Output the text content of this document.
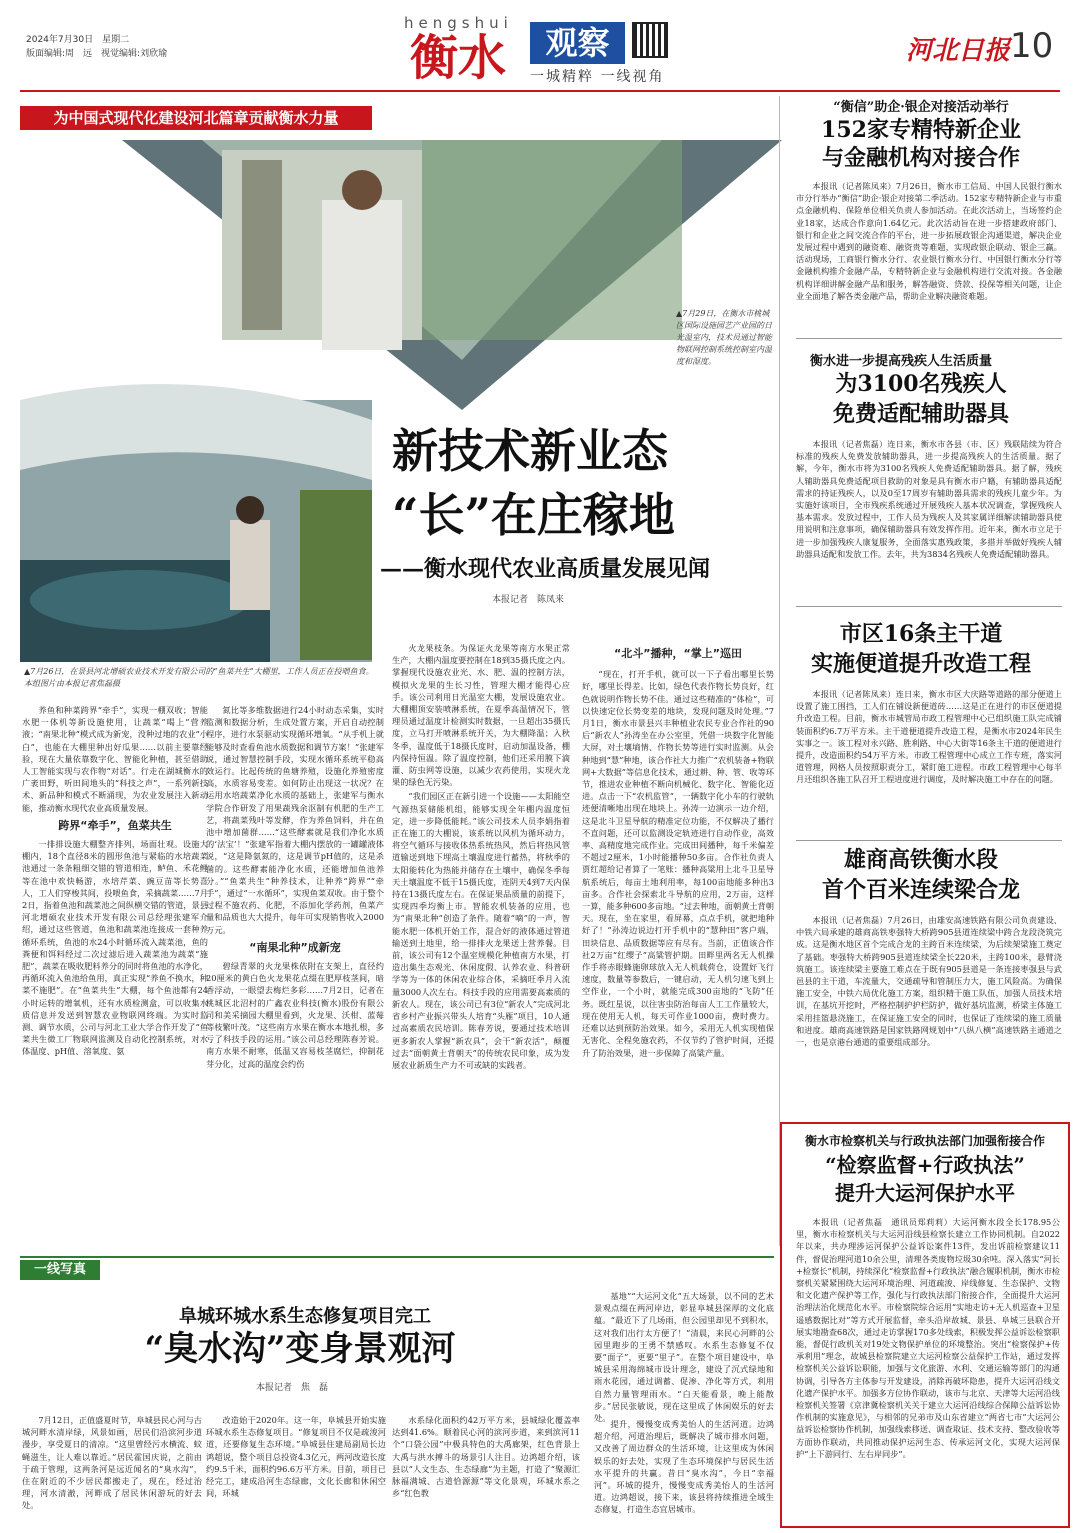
2024年7月30日　星期二
版面编辑:周　远　视觉编辑:刘欣瑜
hengshui
衡水	观察
一城精粹 一线视角
河北日报 10
为中国式现代化建设河北篇章贡献衡水力量
▲7月29日，在衡水市桃城区国际设施园艺产业园的日光温室内，技术员通过智能物联网控制系统控制室内温度和湿度。
▲7月26日，在景县河北增硕农业技术开发有限公司的“鱼菜共生”大棚里，工作人员正在投喂鱼食。　本组图片由本报记者焦磊摄
新技术新业态
“长”在庄稼地
——衡水现代农业高质量发展见闻
本报记者　陈凤来

养鱼和种菜跨界“牵手”，实现一棚双收；智能水肥一体机等新设施使用，让蔬菜“喝上”营养液；“南果北种”模式成为新宠，没种过地的农业“小白”，也能在大棚里种出好瓜果……以前主要靠经验，现在大量依靠数字化、智能化种植，甚至借助人工智能实现与农作物“对话”。行走在湖城衡水的广袤田野，听田间地头的“科技之声”，一系列新技术、新品种和模式不断涌现，为农业发展注入新动能，推动衡水现代农业高质量发展。

跨界“牵手”，鱼菜共生

一排排设施大棚整齐排列，场面壮观。设施大棚内，18个直径8米的圆形鱼池与紧临的水培蔬菜池通过一条条粗细交错的管道相连，鲈鱼、禾花鲤等在池中欢快畅游，水培芹菜、豌豆苗等长势喜人，工人们穿梭其间，投喂鱼食，采摘蔬菜……7月2日，指着鱼池和蔬菜池之间纵横交错的管道，景县河北增硕农业技术开发有限公司总经理张建军介绍，通过这些管道，鱼池和蔬菜池连接成一套种养循环系统，鱼池的水24小时循环流入蔬菜池，鱼的粪便和饵料经过二次过滤后进入蔬菜池为蔬菜“施肥”，蔬菜在吸收肥料养分的同时将鱼池的水净化，再循环流入鱼池给鱼用，真正实现“养鱼不换水，种菜不施肥”。在“鱼菜共生”大棚，每个鱼池都有24小时运转的增氧机，还有水质检测盒，可以收集水质信息并发送到智慧农业物联网终端。为实时监测、调节水质，公司与河北工业大学合作开发了“鱼菜共生微工厂物联网监测及自动化控制系统，对水体温度、pH值、溶氧度、氨

氮比等多维数据进行24小时动态采集，实时监测和数据分析，生成处置方案，开启自动控制程序，进行水泵驱动实现循环增氧。“从手机上就能够及时查看鱼池水质数据和调节方案！”张建军说，通过智慧控制手段，实现水循环系统平稳高效运行。比起传统的鱼塘养殖，设施化养殖密度高，水质容易变差。如何防止出现这一状况？在运用水培蔬菜净化水质的基础上，张建军与衡水学院合作研发了用果蔬残余沤制有机肥的生产工艺，将蔬菜残叶等发酵，作为养鱼饲料，并在鱼池中增加菌群……“这些酵素就是我们净化水质的‘法宝’！”张建军指着大棚内摆放的一罐罐液体说，“这是降氨氮的，这是调节pH值的，这是杀菌的。这些酵素能净化水质，还能增加鱼池养分。”“鱼菜共生”种养技术，让种养“跨界”“牵手”，通过“一水循环”，实现鱼菜双收。由于整个过程不施农药、化肥，不添加化学药剂，鱼菜产量和品质也大大提升，每年可实现销售收入2000万元。

“南果北种”成新宠

碧绿青翠的火龙果株依附在支架上，直径约20厘米的黄白色火龙果花点缀在肥厚枝茎间，暗香浮动，一眼望去梅烂多彩……7月2日，记者在桃城区北沼村的广鑫农业科技(衡水)股份有限公司和美采摘园大棚里看到，火龙果、沃柑、蓝莓等枝繁叶茂。“这些南方水果在衡水本地扎根，多亏了科技手段的运用。”该公司总经理陈春芳说。南方水果不耐寒，低温又容易枝茎腐烂，抑制花芽分化，过高的温度会约伤

火龙果枝条。为保证火龙果等南方水果正常生产，大棚内温度要控制在18到35摄氏度之内。掌握现代设施农业光、水、肥、温的控制方法，模拟火龙果的生长习性，管理大棚才能得心应手。该公司利用日光温室大棚，发展设施农业。大棚棚顶安装喷淋系统，在夏季高温情况下，管理员通过温度计检测实时数据，一旦超出35摄氏度，立马打开喷淋系统开关，为大棚降温；入秋冬季，温度低于18摄氏度时，启动加温设备，棚内保持恒温。除了温度控制，他们还采用膜下滴灌、防虫网等设施，以减少农药使用，实现火龙果的绿色无污染。

“我们园区正在新引进一个设施——太阳能空气源热泵储能机组，能够实现全年棚内温度恒定，进一步降低能耗。”该公司技术人员李娟指着正在施工的大棚说，该系统以风机为循环动力，将空气循环与接收体热系统热风，然后将热风管道输送到地下埋高土壤温度进行蓄热，将秋季的太阳能转化为热能并储存在土壤中，确保冬季每天土壤温度不低于15摄氏度，连阴天4到7天内保持在13摄氏度左右。在保证果品质量的前提下，实现四季均衡上市。智能农机装备的应用，也为“南果北种”创造了条件。随着“嘀”的一声，智能水肥一体机开始工作，混合好的液体通过管道输送到土地里，给一排排火龙果送上营养餐。目前，该公司有12个温室规模化种植南方水果，打造出集生态观光、休闲度假、认养农业、科普研学等为一体的休闲农业综合体，采摘旺季月入流量3000人次左右。科技手段的应用需要高素质的新农人。现在，该公司已有3位“新农人”完成河北省乡村产业振兴带头人培育“头雁”项目，10人通过高素质农民培训。陈春芳说，要通过技术培训更多新农人掌握“新农具”，会干“新农活”，颠覆过去“面朝黄土背朝天”的传统农民印象，成为发展农业新质生产力不可或缺的实践者。

“北斗”播种，“掌上”巡田

“现在，打开手机，就可以一下子看出哪里长势好，哪里长得差。比如，绿色代表作物长势良好，红色就说明作物长势不佳。通过这些精准的“体检”，可以快速定位长势变差的地块，发现问题及时处理。”7月1日，衡水市景县兴丰种植业农民专业合作社的90后“新农人”孙涛坐在办公室里，凭借一块数字化智能大屏，对土壤墒情、作物长势等进行实时监测。从会种地到“慧”种地，该合作社大力推广“农机装备+物联网+大数据”等信息化技术，通过耕、种、管、收等环节，推进农业种植不断向机械化、数字化、智能化迈进。点击一下“农机监管”，一辆数字化小车的行驶轨迹便清晰地出现在地块上。孙涛一边演示一边介绍，这是北斗卫星导航的精准定位功能，不仅解决了播行不直问题，还可以监测设定轨迹进行自动作业，高效率、高精度地完成作业。完成田间播种，每千米偏差不超过2厘米，1小时能播种50多亩。合作社负责人贾红超给记者算了一笔账：播种高粱用上北斗卫星导航系统后，每亩土地利用率，每100亩地能多种出3亩多。合作社会探索北斗导航的应用，2万亩，这样一算，能多种600多亩地。“过去种地，面朝黄土背朝天。现在，坐在家里，看屏幕，点点手机，就把地种好了！”孙涛边说边打开手机中的“慧种田”客户端，田块信息、品质数据等应有尽有。当前，正值该合作社2万亩“红缨子”高粱管护期。田畔里两名无人机操作手将赤眼蜂施卵球放入无人机载荷仓，设置好飞行速度，数量等参数后，一键启动，无人机匀速飞到上空作业，一个小时，就能完成300亩地的“飞防”任务。既红星说，以往害虫防治每亩人工工作量较大，现在使用无人机，每天可作业1000亩，费时费力。还难以达到预防治效果。如今，采用无人机实现植保无害化、全程免施农药，不仅节约了管护时间，还提升了防治效果，进一步保障了高粱产量。

“衡信”助企·银企对接活动举行
152家专精特新企业
与金融机构对接合作

本报讯（记者陈凤来）7月26日，衡水市工信局、中国人民银行衡水市分行举办“衡信”助企·银企对接第二季活动。152家专精特新企业与市重点金融机构、保险单位相关负责人参加活动。在此次活动上，当场签约企业18家，达成合作意向1.64亿元。此次活动旨在进一步搭建政府部门、银行和企业之间交流合作的平台，进一步拓展政银企沟通渠道，解决企业发展过程中遇到的融资难、融资贵等难题，实现政银企联动、银企三赢。活动现场，工商银行衡水分行、农业银行衡水分行、中国银行衡水分行等金融机构推介金融产品，专精特新企业与金融机构进行交流对接。各金融机构详细讲解金融产品和服务，解答融资、贷款、投保等相关问题，让企业全面地了解各类金融产品，帮助企业解决融资难题。

衡水进一步提高残疾人生活质量
为3100名残疾人
免费适配辅助器具

本报讯（记者焦磊）连日来，衡水市各县（市、区）残联陆续为符合标准的残疾人免费发放辅助器具，进一步提高残疾人的生活质量。据了解，今年，衡水市将为3100名残疾人免费适配辅助器具。据了解，残疾人辅助器具免费适配项目救助的对象是具有衡水市户籍，有辅助器具适配需求的持证残疾人，以及0至17周岁有辅助器具需求的残疾儿童少年。为实施好该项目，全市残疾系统通过开展残疾人基本状况调查，掌握残疾人基本需求。发放过程中，工作人员为残疾人及其家属详细解读辅助器具使用说明和注意事项，确保辅助器具有效发挥作用。近年来，衡水市立足于进一步加强残疾人康复服务，全面落实惠残政策，多措并举做好残疾人辅助器具适配和发放工作。去年，共为3834名残疾人免费适配辅助器具。

市区16条主干道
实施便道提升改造工程

本报讯（记者陈凤来）连日来，衡水市区大庆路等道路的部分便道上设置了施工围挡，工人们在铺设新便道砖……这是正在进行的市区便道提升改造工程。目前，衡水市城管局市政工程管理中心已组织施工队完成铺装面积约6.7万平方米。主干道便道提升改造工程，是衡水市2024年民生实事之一。该工程对永兴路、胜利路、中心大街等16条主干道的便道进行提升，改造面积约54万平方米。市政工程管理中心成立工作专班，落实河道管理，网格人员按照职责分工，紧盯施工进程。市政工程管理中心每半月还组织各施工队召开工程进度进行调度，及时解决施工中存在的问题。

雄商高铁衡水段
首个百米连续梁合龙

本报讯（记者焦磊）7月26日，由雄安高速铁路有限公司负责建设、中铁六局承建的雄商高铁枣强特大桥跨905县道连续梁中跨合龙段浇筑完成。这是衡水地区首个完成合龙的主跨百米连续梁，为后续架梁施工奠定了基础。枣强特大桥跨905县道连续梁全长220米，主跨100米，悬臂浇筑施工。该连续梁主要施工难点在于既有905县道是一条连接枣强县与武邑县的主干道，车流量大，交通疏导和管制压力大，施工风险高。为确保施工安全，中铁六局优化施工方案，组织精干施工队伍，加强人员技术培训，在基坑开挖时，严格控制护护栏防护，做好基坑监测，桥梁主体施工采用挂篮悬浇施工，在保证施工安全的同时，也保证了连续梁的施工质量和进度。雄商高速铁路是国家铁路网规划中“八纵八横”高速铁路主通道之一，也是京港台通道的重要组成部分。

衡水市检察机关与行政执法部门加强衔接合作
“检察监督+行政执法”
提升大运河保护水平

本报讯（记者焦磊　通讯员郑莉莉）大运河衡水段全长178.95公里，衡水市检察机关与大运河沿线县检察长建立工作协同机制。自2022年以来，共办理涉运河保护公益诉讼案件13件，发出诉前检察建议11件，督促治理河道10余公里，清理各类废物垃圾30余吨。深入落实“河长+检察长”机制，持续深化“检察监督+行政执法”融合履职机制，衡水市检察机关紧紧围绕大运河环境治理、河道疏浚、岸线修复、生态保护、文物和文化遗产保护等工作，强化与行政执法部门衔接合作，全面提升大运河治理法治化规范化水平。市检察院综合运用“实地走访+无人机巡查+卫星遥感数据比对”等方式开展监督，牵头沿岸故城、景县、阜城三县联合开展实地勘查68次，通过走访掌握170多处线索，积极发挥公益诉讼检察职能，督促行政机关对19处文物保护单位的环境整治。突出“检察保护+传承利用”理念，故城县检察院建立大运河检察公益保护工作站，通过发挥检察机关公益诉讼职能，加强与文化旅游、水利、交通运输等部门的沟通协调，引导各方主体参与开发建设，消除再破坏隐患，提升大运河沿线文化遗产保护水平。加强多方位协作联动，该市与北京、天津等大运河沿线检察机关签署《京津冀检察机关关于建立大运河沿线综合保障公益诉讼协作机制的实施意见》，与相邻的兄弟市及山东省建立“两省七市”大运河公益诉讼检察协作机制，加强线索移送、调查取证、技术支持、整改验收等方面协作联动，共同推动保护运河生态、传承运河文化，实现大运河保护“上下游同行、左右岸同步”。

一线写真
阜城环城水系生态修复项目完工
“臭水沟”变身景观河
本报记者　焦　磊

7月12日，正值盛夏时节，阜城县民心河与古城河畔水清岸绿，风景如画，居民们沿滨河步道漫步，享受夏日的清凉。“这里曾经污水横流、蚊蝇滋生，让人难以靠近。”居民霍国庆说，之前由于疏于管理，这两条河是远近闻名的“臭水沟”，住在附近的不少居民都搬走了，现在，经过治理，河水清澈，河畔成了居民休闲游玩的好去处。

改造始于2020年。这一年，阜城县开始实施环城水系生态修复项目。“修复项目不仅是疏浚河道，还要修复生态环境。”阜城县住建局副局长边鸿超说，整个项目总投资4.3亿元，两河改造长度约9.5千米，面积约96.6万平方米。目前，项目已经完工，建成沿河生态绿廊，文化长廊和休闲空间，环城

水系绿化面积约42万平方米，县城绿化覆盖率达到41.6%。顺着民心河的滨河步道，来到滨河11个“口袋公园”中极具特色的大禹廊架，红色背景上大禹与洪水搏斗的场景引人注目。边鸿超介绍，该县以“人文生态、生态绿廊”为主题，打造了“聚源汇脉福满城、古道恰源源”等文化景观，环城水系之乡“红色教

基地”“大运河文化”五大场景，以不同的艺术景观点缀在两河岸边，彰显阜城县深厚的文化底蕴。“最近下了几场雨，但公园里却见不到积水，这对我们出行太方便了！”清晨，来民心河畔的公园里跑步的王勇不禁感叹。水系生态修复不仅要“面子”，更要“里子”。在整个项目建设中，阜城县采用海绵城市设计理念，建设了沉式绿地和雨水花园，通过调蓄、促渗、净化等方式，利用自然力量管理雨水。“白天能看景，晚上能散步。”居民张敏说，现在这里成了休闲娱乐的好去处。

提升，慢慢变成秀美怡人的生活河道。边鸿超介绍，河道治理后，既解决了城市排水问题，又改善了周边群众的生活环境，让这里成为休闲娱乐的好去处，实现了生态环境保护与居民生活水平提升的共赢。昔日“臭水沟”，今日“幸福河”。环城的提升，慢慢变成秀美怡人的生活河道。边鸿超说，接下来，该县将持续推进全域生态修复，打造生态宜居城市。
